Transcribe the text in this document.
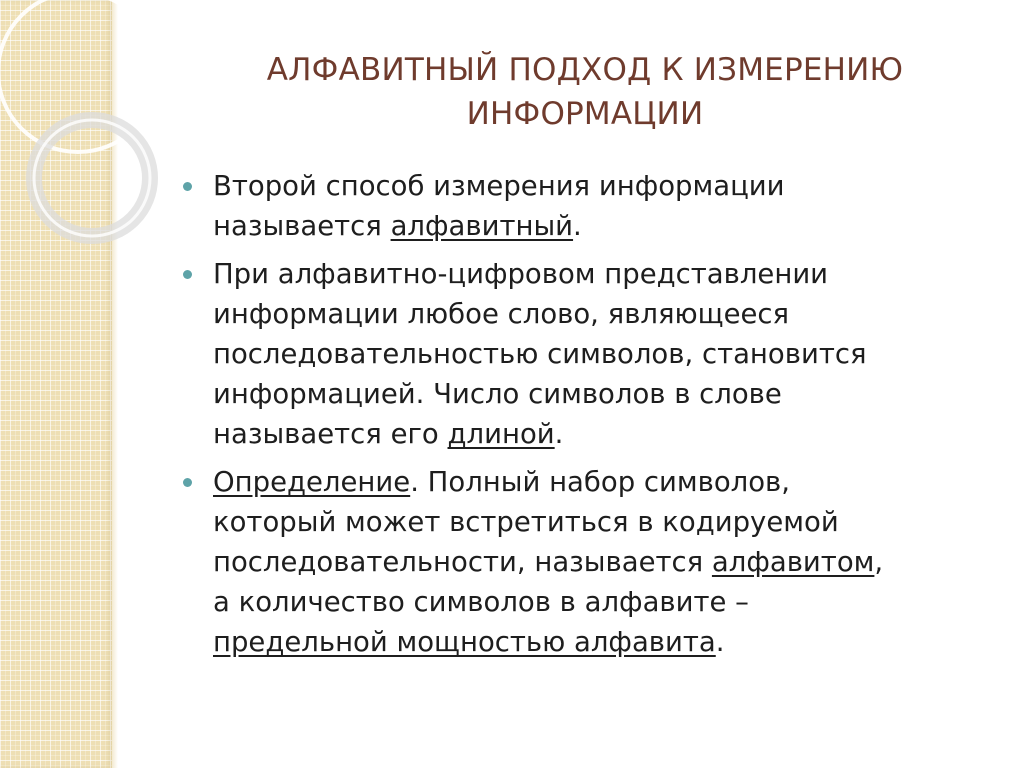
АЛФАВИТНЫЙ ПОДХОД К ИЗМЕРЕНИЮ
ИНФОРМАЦИИ
Второй способ измерения информации
называется алфавитный.
При алфавитно-цифровом представлении
информации любое слово, являющееся
последовательностью символов, становится
информацией. Число символов в слове
называется его длиной.
Определение. Полный набор символов,
который может встретиться в кодируемой
последовательности, называется алфавитом,
а количество символов в алфавите –
предельной мощностью алфавита.
